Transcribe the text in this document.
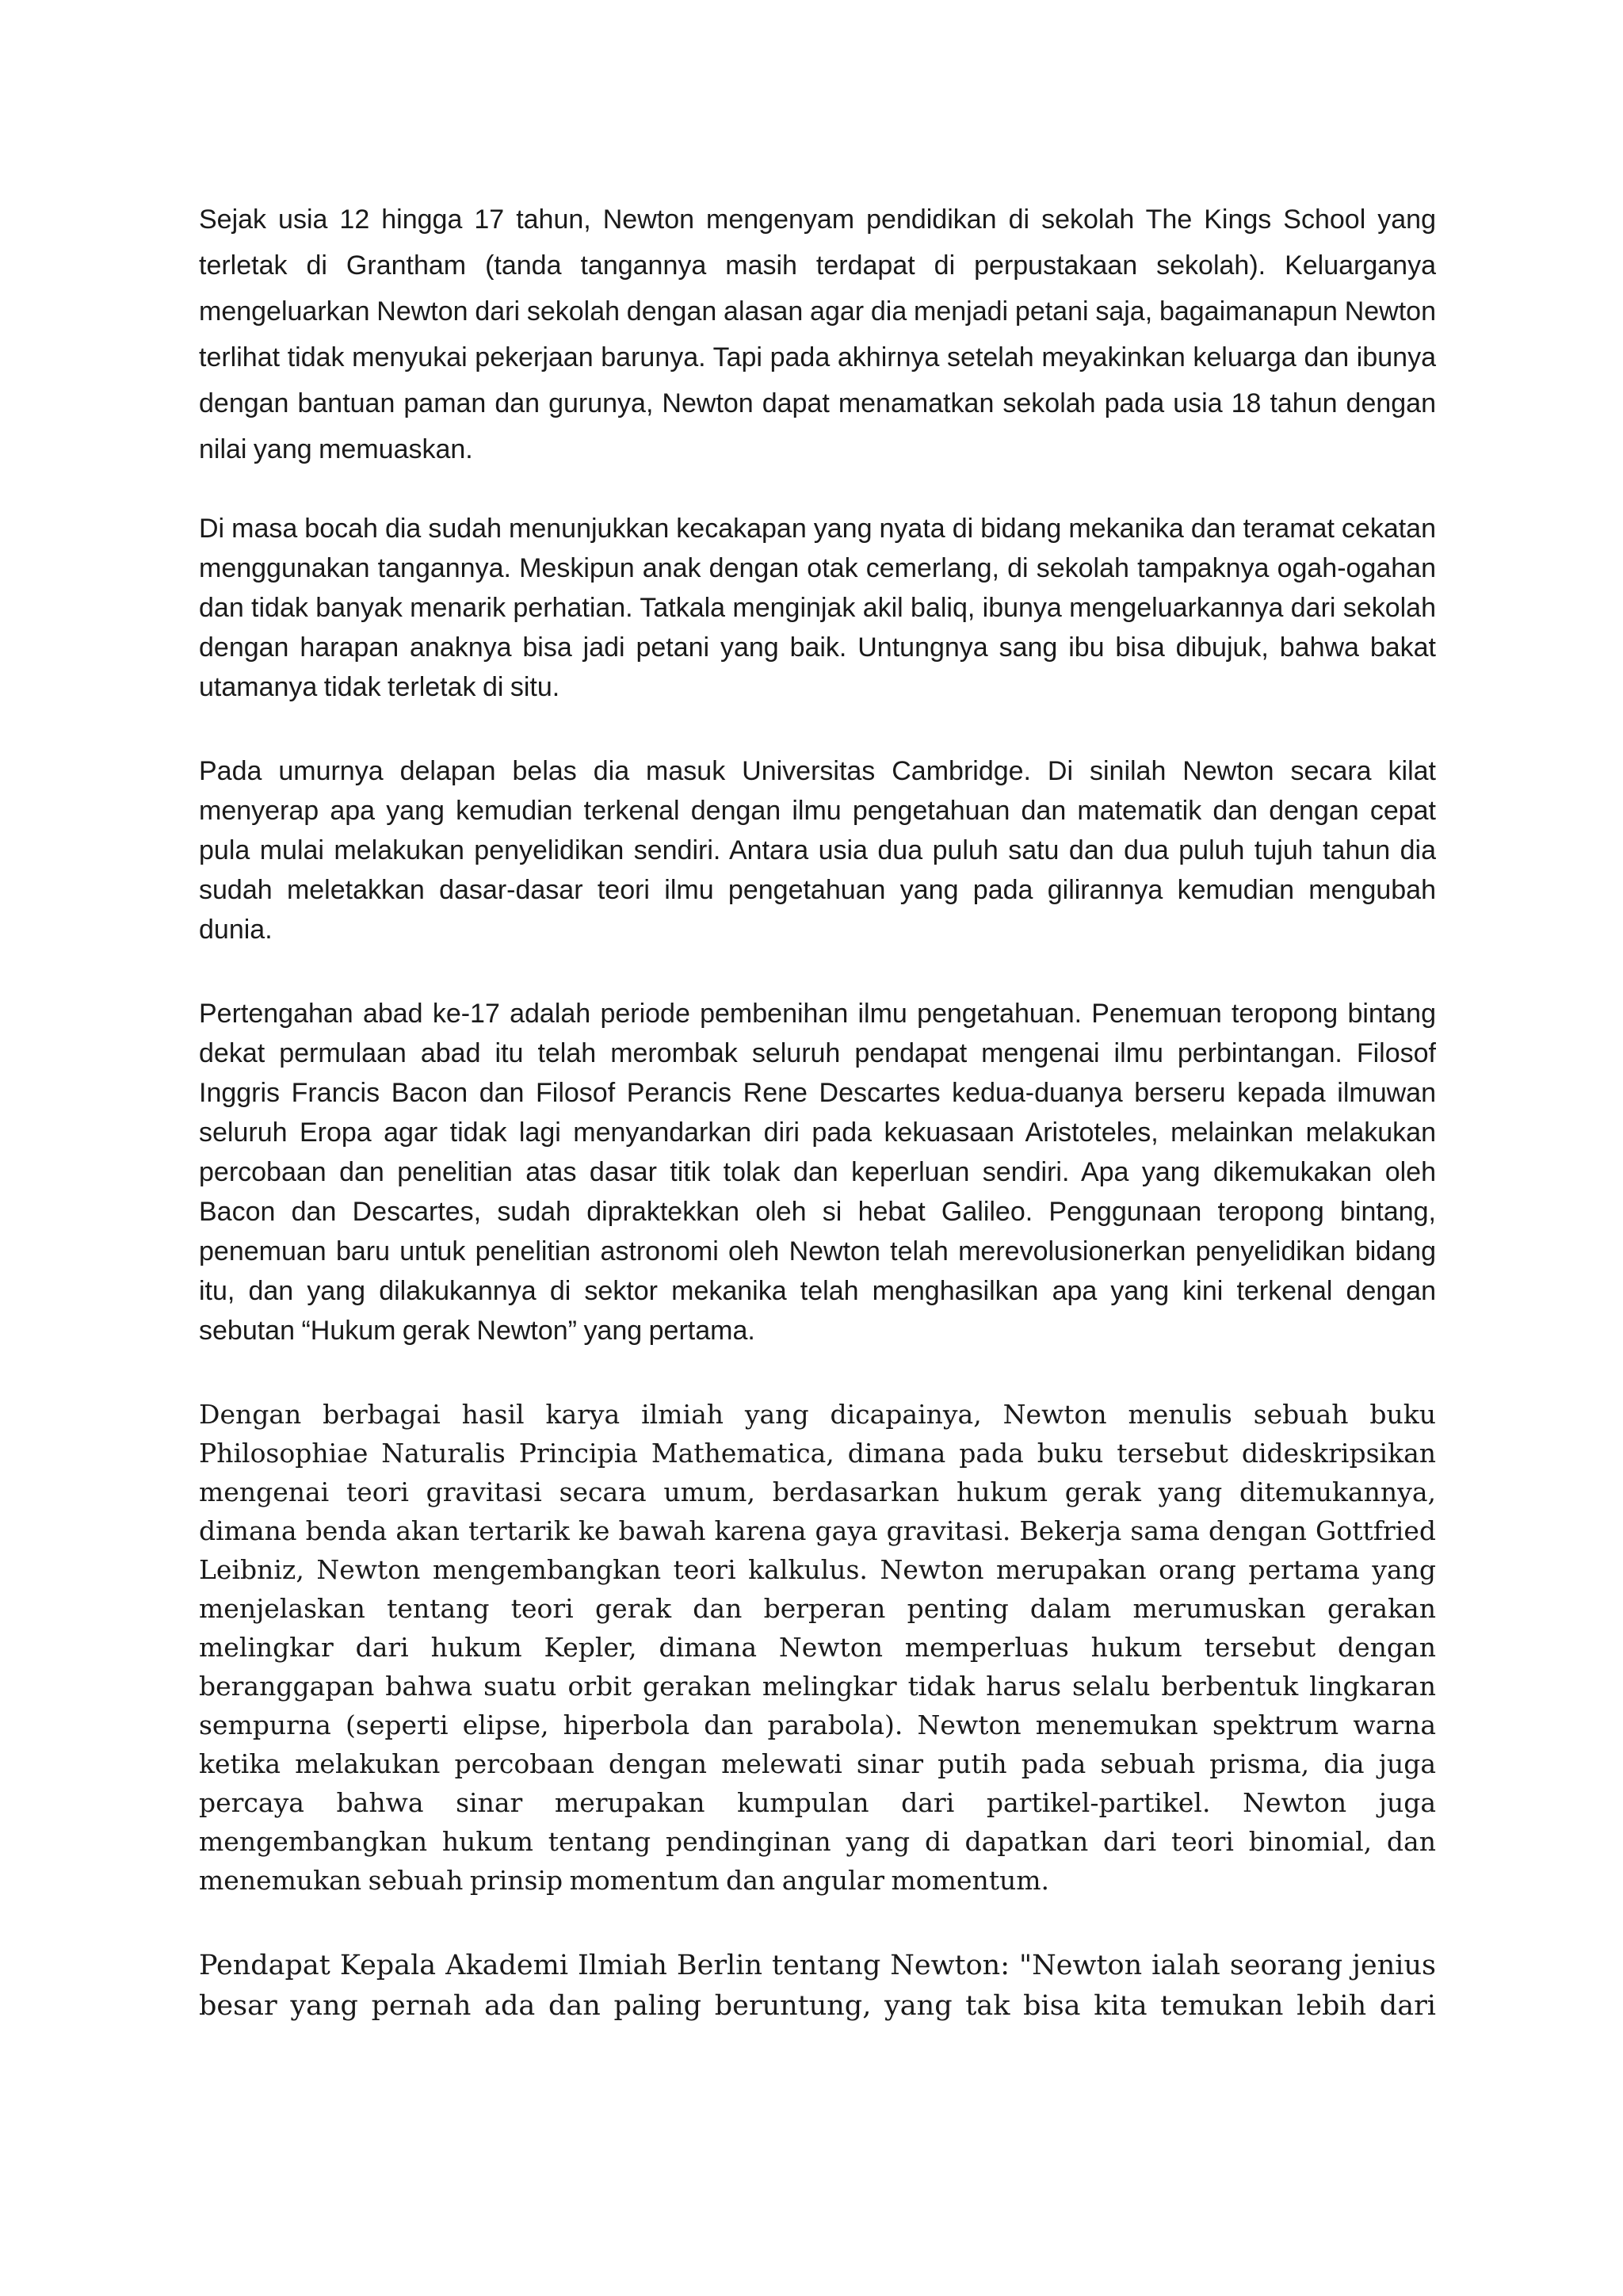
Sejak usia 12 hingga 17 tahun, Newton mengenyam pendidikan di sekolah The Kings School yang terletak di Grantham (tanda tangannya masih terdapat di perpustakaan sekolah). Keluarganya mengeluarkan Newton dari sekolah dengan alasan agar dia menjadi petani saja, bagaimanapun Newton terlihat tidak menyukai pekerjaan barunya. Tapi pada akhirnya setelah meyakinkan keluarga dan ibunya dengan bantuan paman dan gurunya, Newton dapat menamatkan sekolah pada usia 18 tahun dengan nilai yang memuaskan.

Di masa bocah dia sudah menunjukkan kecakapan yang nyata di bidang mekanika dan teramat cekatan menggunakan tangannya. Meskipun anak dengan otak cemerlang, di sekolah tampaknya ogah-ogahan dan tidak banyak menarik perhatian. Tatkala menginjak akil baliq, ibunya mengeluarkannya dari sekolah dengan harapan anaknya bisa jadi petani yang baik. Untungnya sang ibu bisa dibujuk, bahwa bakat utamanya tidak terletak di situ.

Pada umurnya delapan belas dia masuk Universitas Cambridge. Di sinilah Newton secara kilat menyerap apa yang kemudian terkenal dengan ilmu pengetahuan dan matematik dan dengan cepat pula mulai melakukan penyelidikan sendiri. Antara usia dua puluh satu dan dua puluh tujuh tahun dia sudah meletakkan dasar-dasar teori ilmu pengetahuan yang pada gilirannya kemudian mengubah dunia.

Pertengahan abad ke-17 adalah periode pembenihan ilmu pengetahuan. Penemuan teropong bintang dekat permulaan abad itu telah merombak seluruh pendapat mengenai ilmu perbintangan. Filosof Inggris Francis Bacon dan Filosof Perancis Rene Descartes kedua-duanya berseru kepada ilmuwan seluruh Eropa agar tidak lagi menyandarkan diri pada kekuasaan Aristoteles, melainkan melakukan percobaan dan penelitian atas dasar titik tolak dan keperluan sendiri. Apa yang dikemukakan oleh Bacon dan Descartes, sudah dipraktekkan oleh si hebat Galileo. Penggunaan teropong bintang, penemuan baru untuk penelitian astronomi oleh Newton telah merevolusionerkan penyelidikan bidang itu, dan yang dilakukannya di sektor mekanika telah menghasilkan apa yang kini terkenal dengan sebutan “Hukum gerak Newton” yang pertama.

Dengan berbagai hasil karya ilmiah yang dicapainya, Newton menulis sebuah buku Philosophiae Naturalis Principia Mathematica, dimana pada buku tersebut dideskripsikan mengenai teori gravitasi secara umum, berdasarkan hukum gerak yang ditemukannya, dimana benda akan tertarik ke bawah karena gaya gravitasi. Bekerja sama dengan Gottfried Leibniz, Newton mengembangkan teori kalkulus. Newton merupakan orang pertama yang menjelaskan tentang teori gerak dan berperan penting dalam merumuskan gerakan melingkar dari hukum Kepler, dimana Newton memperluas hukum tersebut dengan beranggapan bahwa suatu orbit gerakan melingkar tidak harus selalu berbentuk lingkaran sempurna (seperti elipse, hiperbola dan parabola). Newton menemukan spektrum warna ketika melakukan percobaan dengan melewati sinar putih pada sebuah prisma, dia juga percaya bahwa sinar merupakan kumpulan dari partikel-partikel. Newton juga mengembangkan hukum tentang pendinginan yang di dapatkan dari teori binomial, dan menemukan sebuah prinsip momentum dan angular momentum.

Pendapat Kepala Akademi Ilmiah Berlin tentang Newton: "Newton ialah seorang jenius besar yang pernah ada dan paling beruntung, yang tak bisa kita temukan lebih dari
